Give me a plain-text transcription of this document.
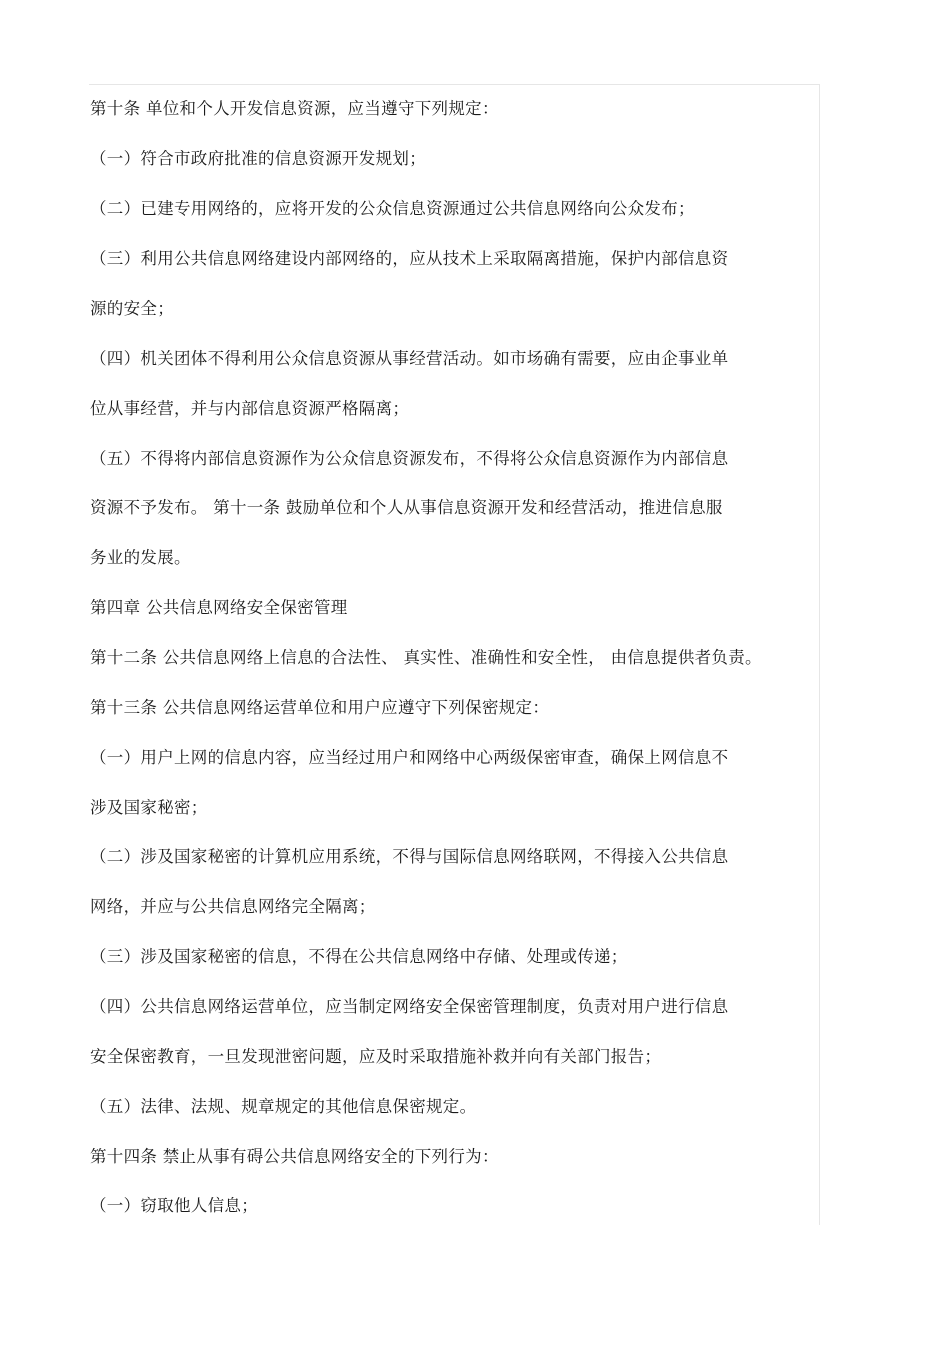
第十条 单位和个人开发信息资源，应当遵守下列规定：
（一）符合市政府批准的信息资源开发规划；
（二）已建专用网络的，应将开发的公众信息资源通过公共信息网络向公众发布；
（三）利用公共信息网络建设内部网络的，应从技术上采取隔离措施，保护内部信息资
源的安全；
（四）机关团体不得利用公众信息资源从事经营活动。如市场确有需要，应由企事业单
位从事经营，并与内部信息资源严格隔离；
（五）不得将内部信息资源作为公众信息资源发布，不得将公众信息资源作为内部信息
资源不予发布。 第十一条 鼓励单位和个人从事信息资源开发和经营活动，推进信息服
务业的发展。
第四章 公共信息网络安全保密管理
第十二条 公共信息网络上信息的合法性、 真实性、准确性和安全性， 由信息提供者负责。
第十三条 公共信息网络运营单位和用户应遵守下列保密规定：
（一）用户上网的信息内容，应当经过用户和网络中心两级保密审查，确保上网信息不
涉及国家秘密；
（二）涉及国家秘密的计算机应用系统，不得与国际信息网络联网，不得接入公共信息
网络，并应与公共信息网络完全隔离；
（三）涉及国家秘密的信息，不得在公共信息网络中存储、处理或传递；
（四）公共信息网络运营单位，应当制定网络安全保密管理制度，负责对用户进行信息
安全保密教育，一旦发现泄密问题，应及时采取措施补救并向有关部门报告；
（五）法律、法规、规章规定的其他信息保密规定。
第十四条 禁止从事有碍公共信息网络安全的下列行为：
（一）窃取他人信息；
